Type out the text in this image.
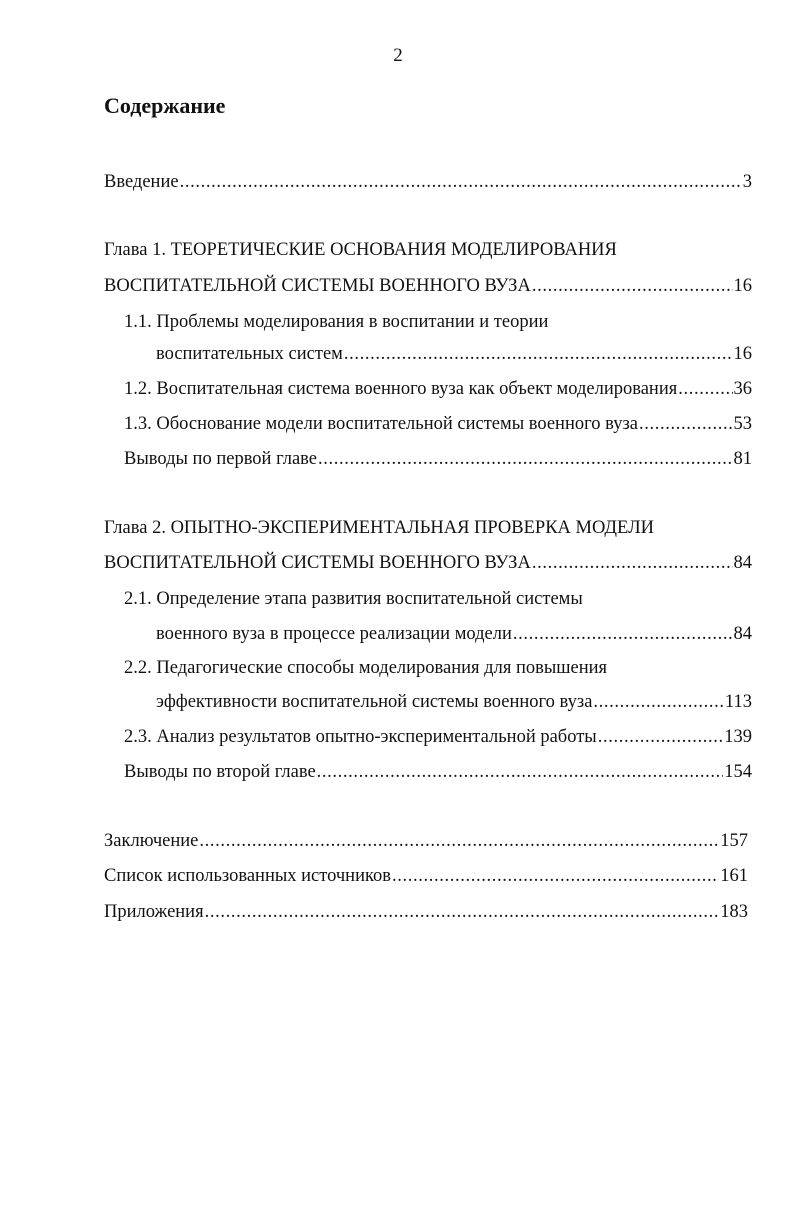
2
Содержание
Введение . . .	3
Глава 1. ТЕОРЕТИЧЕСКИЕ ОСНОВАНИЯ МОДЕЛИРОВАНИЯ
ВОСПИТАТЕЛЬНОЙ СИСТЕМЫ ВОЕННОГО ВУЗА . . .	16
1.1. Проблемы моделирования в воспитании и теории
воспитательных систем . . .	16
1.2. Воспитательная система военного вуза как объект моделирования . . .	36
1.3. Обоснование модели воспитательной системы военного вуза . . .	53
Выводы по первой главе . . .	81
Глава 2. ОПЫТНО-ЭКСПЕРИМЕНТАЛЬНАЯ ПРОВЕРКА МОДЕЛИ
ВОСПИТАТЕЛЬНОЙ СИСТЕМЫ ВОЕННОГО ВУЗА . . .	84
2.1. Определение этапа развития воспитательной системы
военного вуза в процессе реализации модели . . .	84
2.2. Педагогические способы моделирования для повышения
эффективности воспитательной системы военного вуза . . .	113
2.3. Анализ результатов опытно-экспериментальной работы . . .	139
Выводы по второй главе . . .	154
Заключение . . .	157
Список использованных источников . . .	161
Приложения . . .	183
